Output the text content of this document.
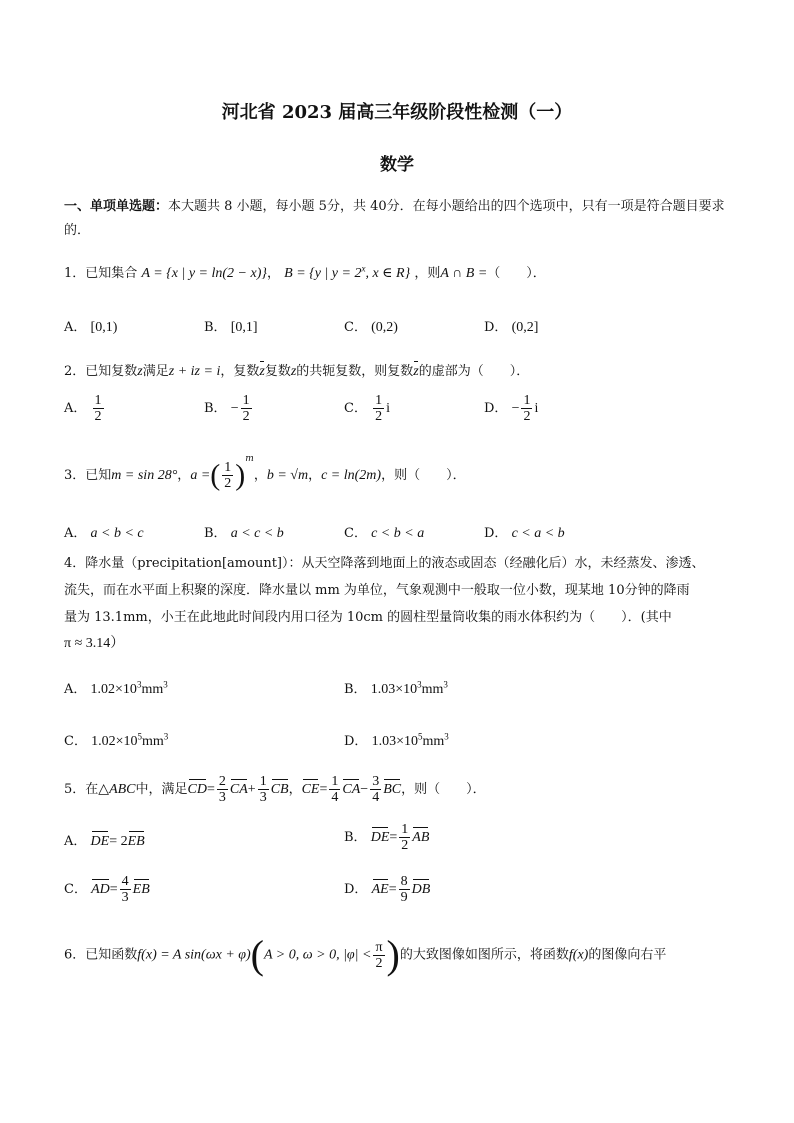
河北省 2023 届高三年级阶段性检测（一）
数学
一、单项单选题：本大题共 8 小题，每小题 5分，共 40分．在每小题给出的四个选项中，只有一项是符合题目要求的．
1．已知集合 A = {x | y = ln(2 − x)}， B = {y | $y = 2^x$, x ∈ R} ，则A ∩ B =（　　）．
A． [0,1)	B． [0,1]	C． (0,2)	D． (0,2]
2．已知复数z满足z + iz = i，复数z复数z的共轭复数，则复数z的虚部为（　　）．
A． $\frac{1}{2}$	B． − $\frac{1}{2}$	C． $\frac{1}{2}$ i	D． − $\frac{1}{2}$ i
3．已知m = sin 28°，a =( $\frac{1}{2} )^m$，b = √m，c = ln(2m)，则（　　）．
A． a < b < c	B． a < c < b	C． c < b < a	D． c < a < b
4．降水量（precipitation[amount]）：从天空降落到地面上的液态或固态（经融化后）水，未经蒸发、渗透、
流失，而在水平面上积聚的深度．降水量以 mm 为单位，气象观测中一般取一位小数，现某地 10分钟的降雨
量为 13.1mm，小王在此地此时间段内用口径为 10cm 的圆柱型量筒收集的雨水体积约为（　　）．(其中
π ≈ 3.14）
A． $1.02\times 10^3mm^3$	B． $1.03\times 10^3mm^3$
C． $1.02\times 10^5mm^3$	D． $1.03\times 10^5mm^3$
5．在△ABC中，满足$CD= \frac{2}{3} CA+ \frac{1}{3}$ CB，$CE= \frac{1}{4} CA- \frac{3}{4}$ BC，则（　　）．
A． DE= 2EB	B． $DE= \frac{1}{2}$ AB
C． $AD= \frac{4}{3}$ EB	D． $AE= \frac{8}{9}$ DB
6．已知函数f(x) = A sin(ωx + φ)(A > 0, ω > 0, $|\varphi| < \frac{\pi}{2}$ )的大致图像如图所示，将函数f(x)的图像向右平
